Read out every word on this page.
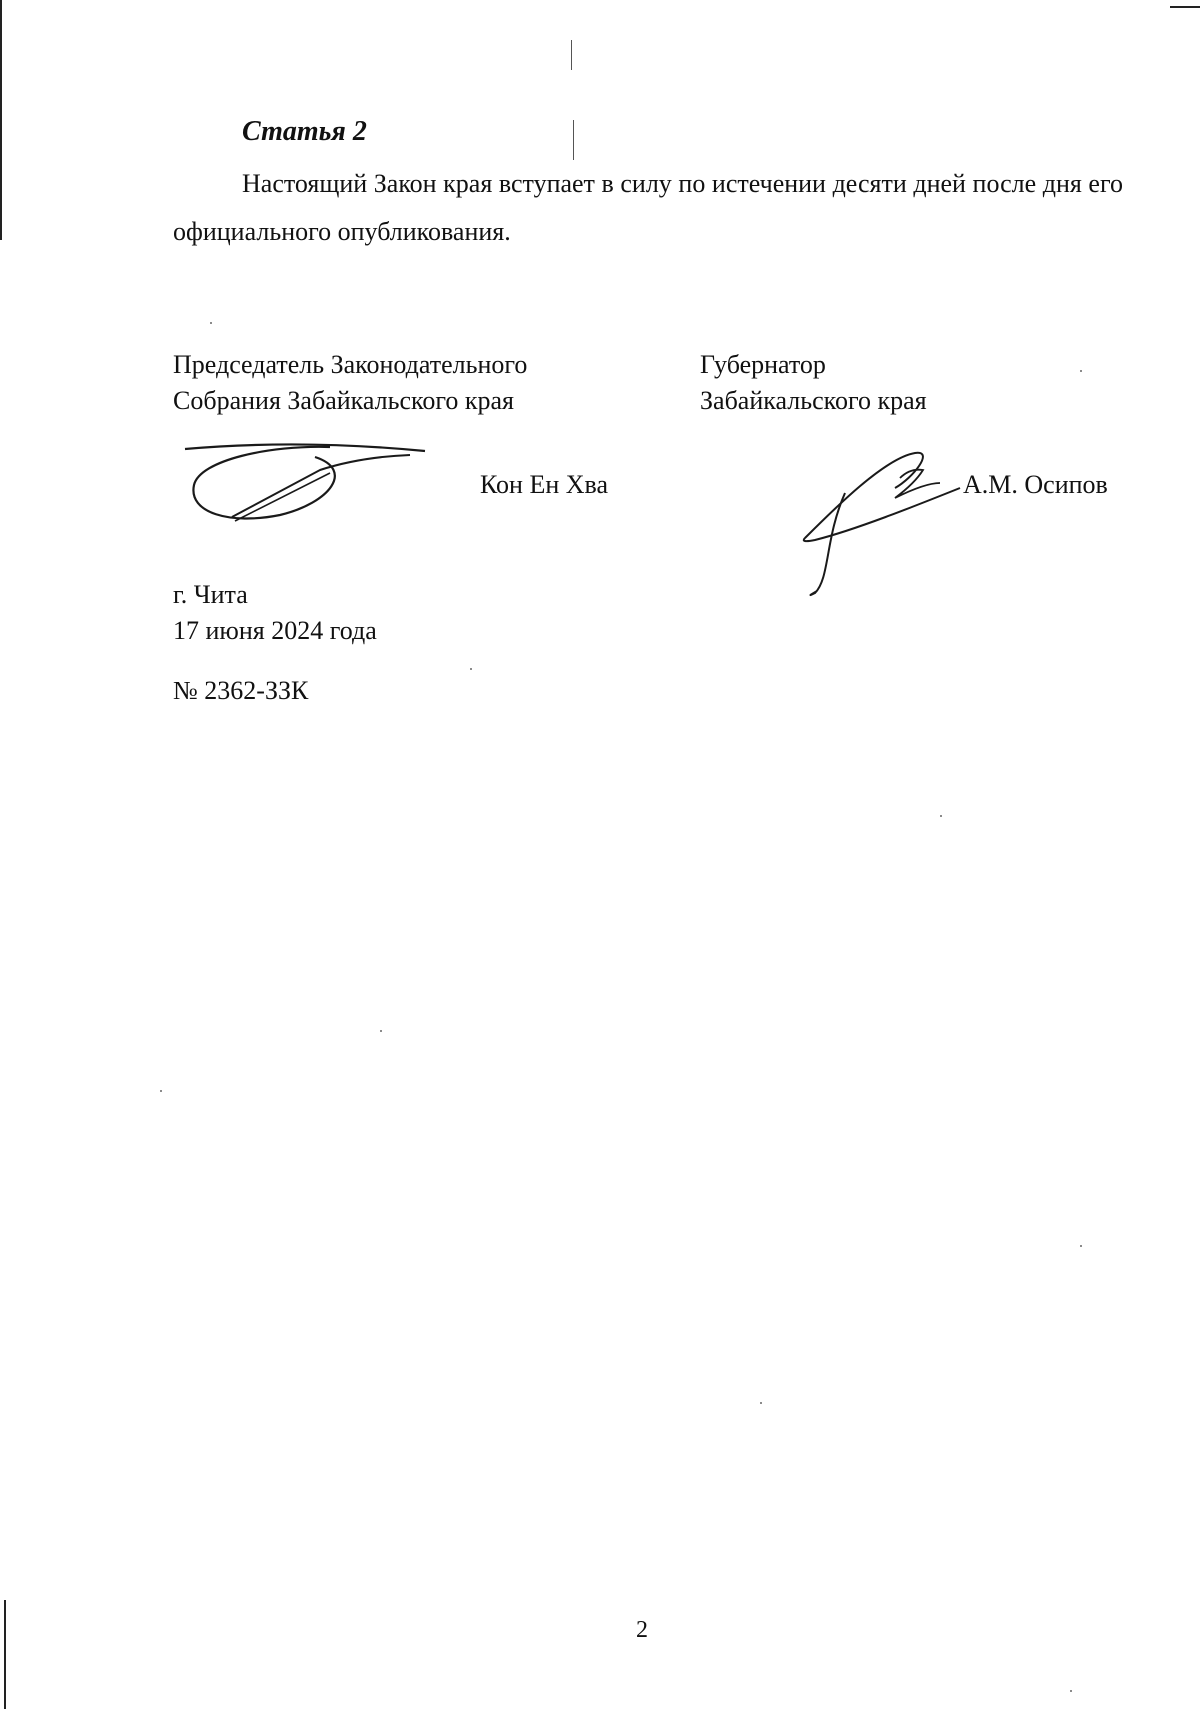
Статья 2

Настоящий Закон края вступает в силу по истечении десяти дней после дня его официального опубликования.

Председатель Законодательного
Собрания Забайкальского края
Кон Ен Хва
Губернатор
Забайкальского края
А.М. Осипов
г. Чита
17 июня 2024 года
№ 2362-ЗЗК
2
